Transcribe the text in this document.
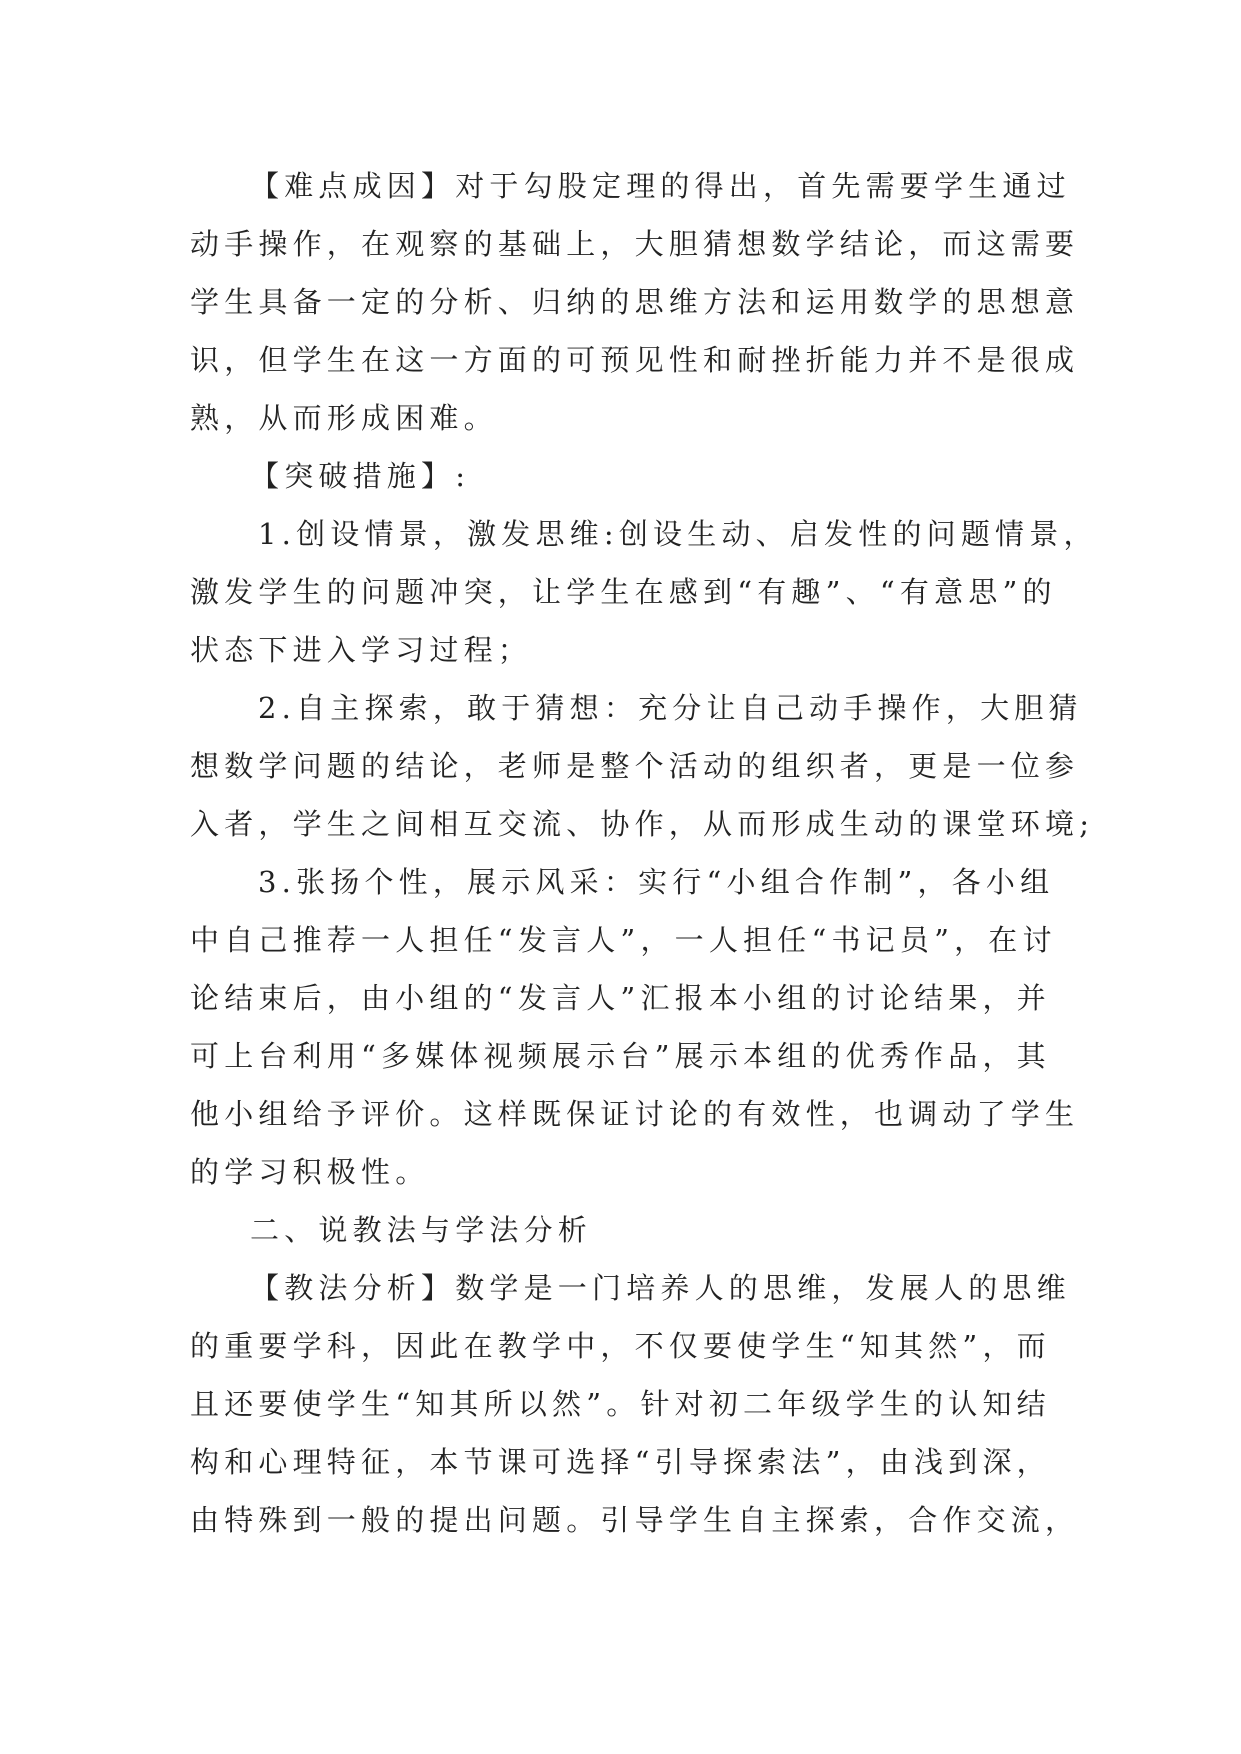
【难点成因】对于勾股定理的得出，首先需要学生通过
动手操作，在观察的基础上，大胆猜想数学结论，而这需要
学生具备一定的分析、归纳的思维方法和运用数学的思想意
识，但学生在这一方面的可预见性和耐挫折能力并不是很成
熟，从而形成困难。
【突破措施】:
1.创设情景，激发思维:创设生动、启发性的问题情景，
激发学生的问题冲突，让学生在感到“有趣”、“有意思”的
状态下进入学习过程；
2.自主探索，敢于猜想：充分让自己动手操作，大胆猜
想数学问题的结论，老师是整个活动的组织者，更是一位参
入者，学生之间相互交流、协作，从而形成生动的课堂环境;
3.张扬个性，展示风采：实行“小组合作制”，各小组
中自己推荐一人担任“发言人”，一人担任“书记员”，在讨
论结束后，由小组的“发言人”汇报本小组的讨论结果，并
可上台利用“多媒体视频展示台”展示本组的优秀作品，其
他小组给予评价。这样既保证讨论的有效性，也调动了学生
的学习积极性。
二、说教法与学法分析
【教法分析】数学是一门培养人的思维，发展人的思维
的重要学科，因此在教学中，不仅要使学生“知其然”，而
且还要使学生“知其所以然”。针对初二年级学生的认知结
构和心理特征，本节课可选择“引导探索法”，由浅到深，
由特殊到一般的提出问题。引导学生自主探索，合作交流，
